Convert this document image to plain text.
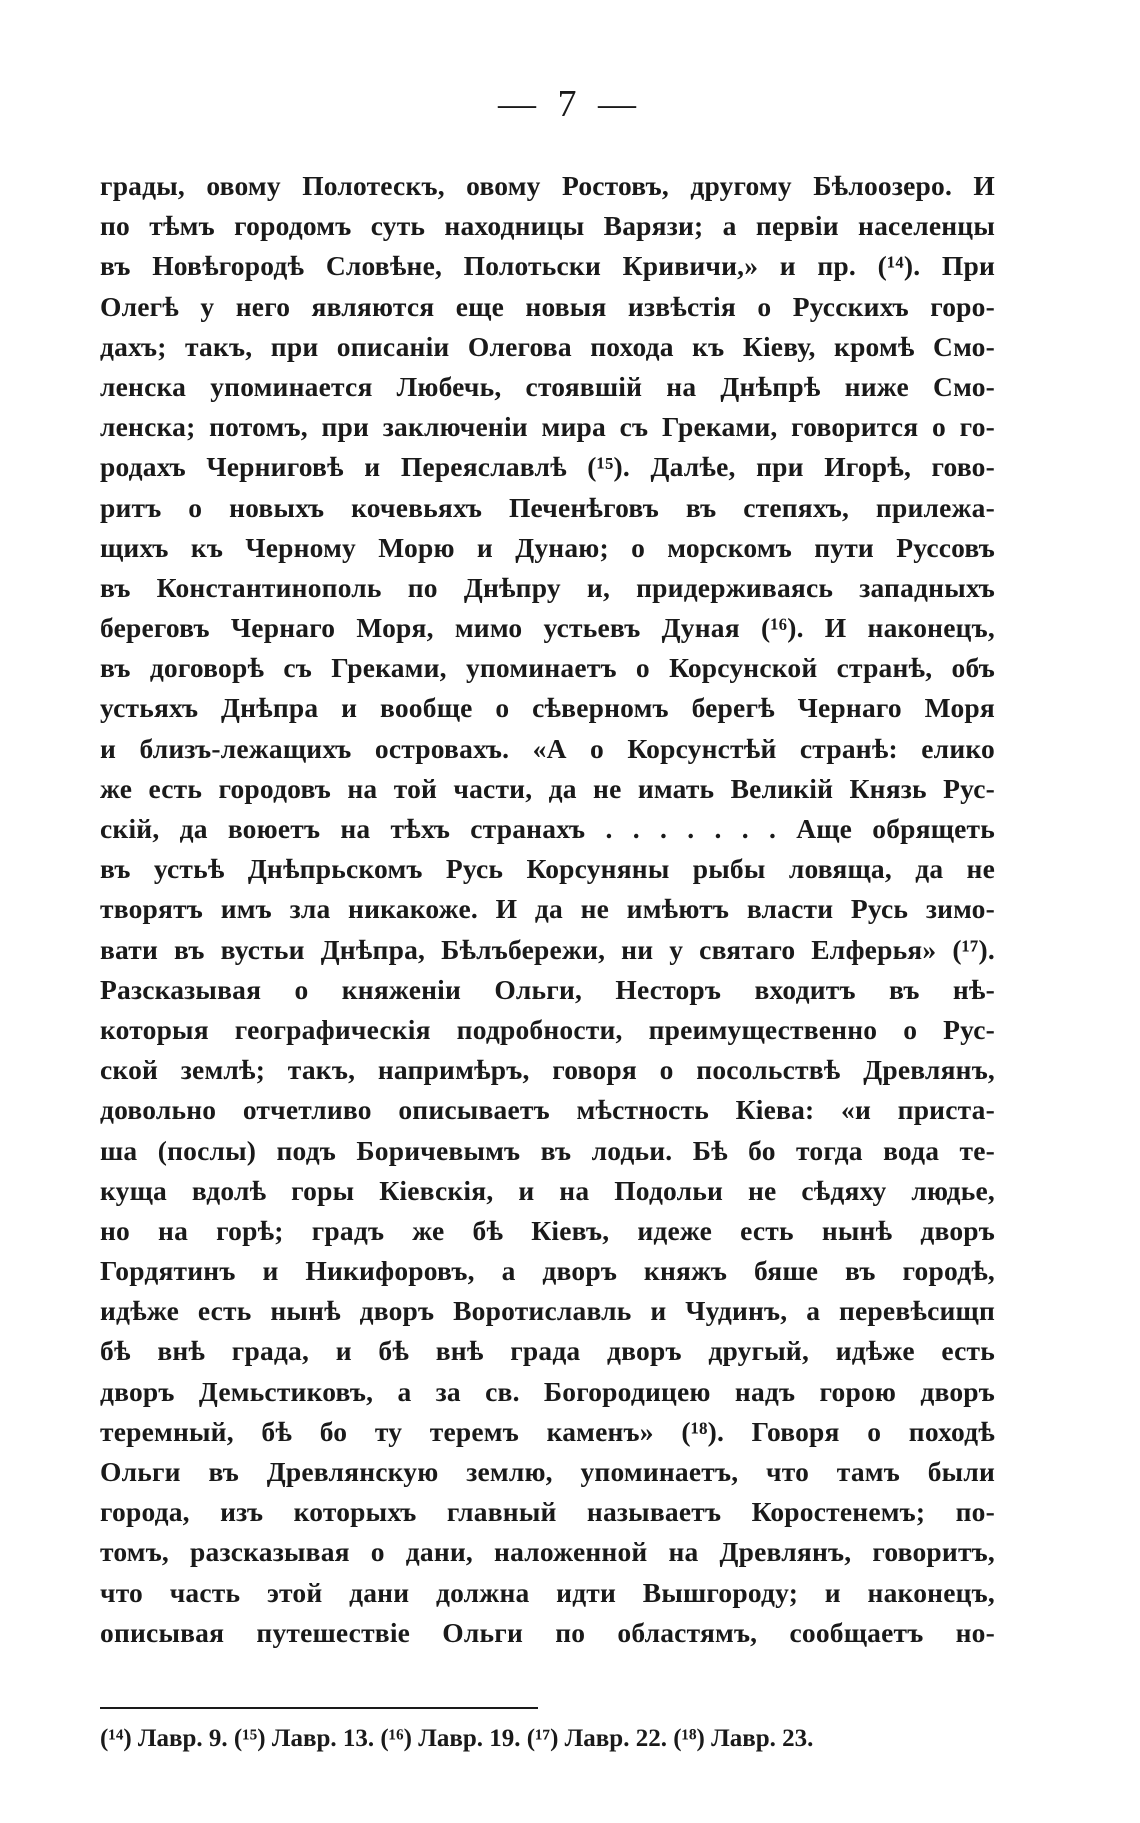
— 7 —
грады, овому Полотескъ, овому Ростовъ, другому Бѣлоозеро. И
по тѣмъ городомъ суть находницы Варязи; а первіи населенцы
въ Новѣгородѣ Словѣне, Полотьски Кривичи,» и пр. (¹⁴). При
Олегѣ у него являются еще новыя извѣстія о Русскихъ горо-
дахъ; такъ, при описаніи Олегова похода къ Кіеву, кромѣ Смо-
ленска упоминается Любечь, стоявшій на Днѣпрѣ ниже Смо-
ленска; потомъ, при заключеніи мира съ Греками, говорится о го-
родахъ Черниговѣ и Переяславлѣ (¹⁵). Далѣе, при Игорѣ, гово-
ритъ о новыхъ кочевьяхъ Печенѣговъ въ степяхъ, прилежа-
щихъ къ Черному Морю и Дунаю; о морскомъ пути Руссовъ
въ Константинополь по Днѣпру и, придерживаясь западныхъ
береговъ Чернаго Моря, мимо устьевъ Дуная (¹⁶). И наконецъ,
въ договорѣ съ Греками, упоминаетъ о Корсунской странѣ, объ
устьяхъ Днѣпра и вообще о сѣверномъ берегѣ Чернаго Моря
и близъ-лежащихъ островахъ. «А о Корсунстѣй странѣ: елико
же есть городовъ на той части, да не имать Великій Князь Рус-
скій, да воюетъ на тѣхъ странахъ . . . . . . . Аще обрящеть
въ устьѣ Днѣпрьскомъ Русь Корсуняны рыбы ловяща, да не
творятъ имъ зла никакоже. И да не имѣютъ власти Русь зимо-
вати въ вустьи Днѣпра, Бѣлъбережи, ни у святаго Елферья» (¹⁷).
Разсказывая о княженіи Ольги, Несторъ входитъ въ нѣ-
которыя географическія подробности, преимущественно о Рус-
ской землѣ; такъ, напримѣръ, говоря о посольствѣ Древлянъ,
довольно отчетливо описываетъ мѣстность Кіева: «и приста-
ша (послы) подъ Боричевымъ въ лодьи. Бѣ бо тогда вода те-
куща вдолѣ горы Кіевскія, и на Подольи не сѣдяху людье,
но на горѣ; градъ же бѣ Кіевъ, идеже есть нынѣ дворъ
Гордятинъ и Никифоровъ, а дворъ княжъ бяше въ городѣ,
идѣже есть нынѣ дворъ Воротиславль и Чудинъ, а перевѣсищп
бѣ внѣ града, и бѣ внѣ града дворъ другый, идѣже есть
дворъ Демьстиковъ, а за св. Богородицею надъ горою дворъ
теремный, бѣ бо ту теремъ каменъ» (¹⁸). Говоря о походѣ
Ольги въ Древлянскую землю, упоминаетъ, что тамъ были
города, изъ которыхъ главный называетъ Коростенемъ; по-
томъ, разсказывая о дани, наложенной на Древлянъ, говоритъ,
что часть этой дани должна идти Вышгороду; и наконецъ,
описывая путешествіе Ольги по областямъ, сообщаетъ но-
(¹⁴) Лавр. 9. (¹⁵) Лавр. 13. (¹⁶) Лавр. 19. (¹⁷) Лавр. 22. (¹⁸) Лавр. 23.
